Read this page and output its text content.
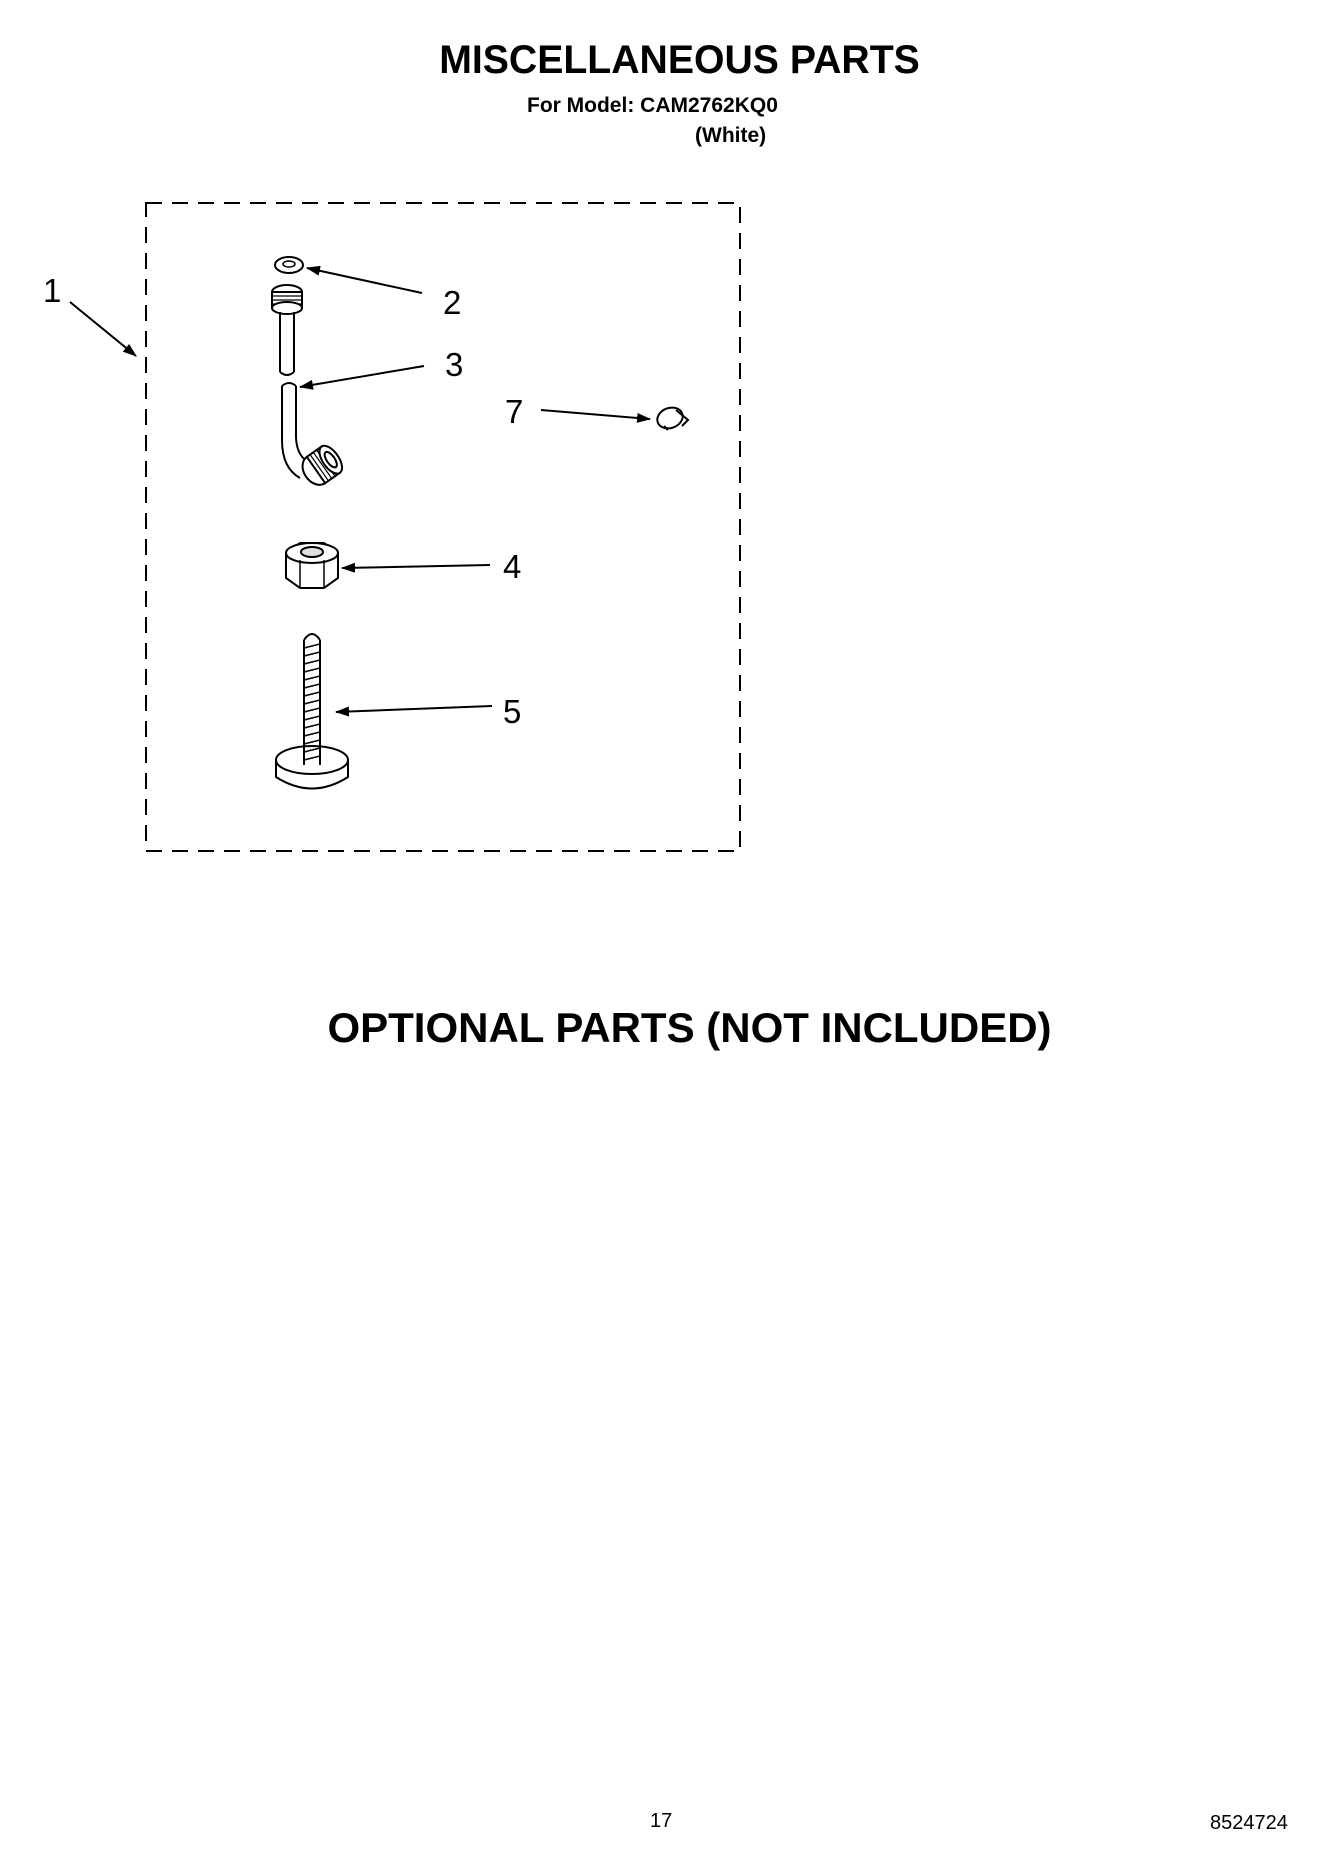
MISCELLANEOUS PARTS
For Model: CAM2762KQ0
(White)
1	2
3
7
4
5
OPTIONAL PARTS (NOT INCLUDED)
17	8524724
